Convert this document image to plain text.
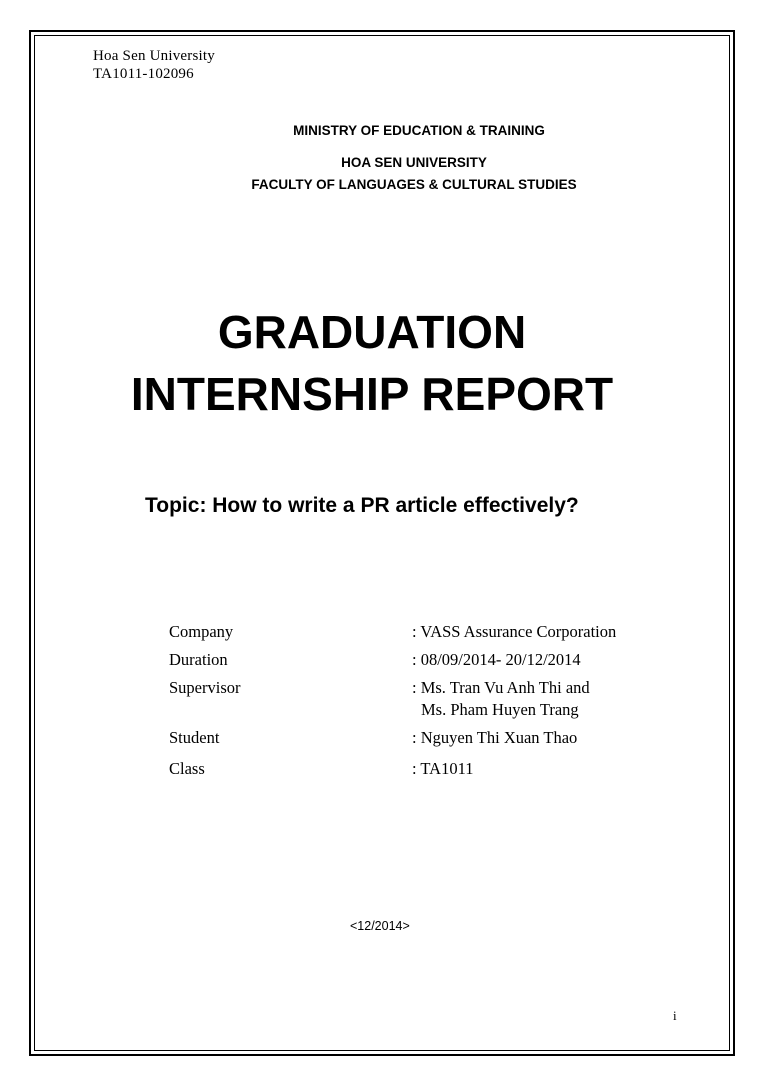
Hoa Sen University
TA1011-102096
MINISTRY OF EDUCATION & TRAINING
HOA SEN UNIVERSITY
FACULTY OF LANGUAGES & CULTURAL STUDIES
GRADUATION
INTERNSHIP REPORT
Topic: How to write a PR article effectively?
Company	: VASS Assurance Corporation
Duration	: 08/09/2014- 20/12/2014
Supervisor	: Ms. Tran Vu Anh Thi and
Ms. Pham Huyen Trang
Student	: Nguyen Thi Xuan Thao
Class	: TA1011
<12/2014>
i
